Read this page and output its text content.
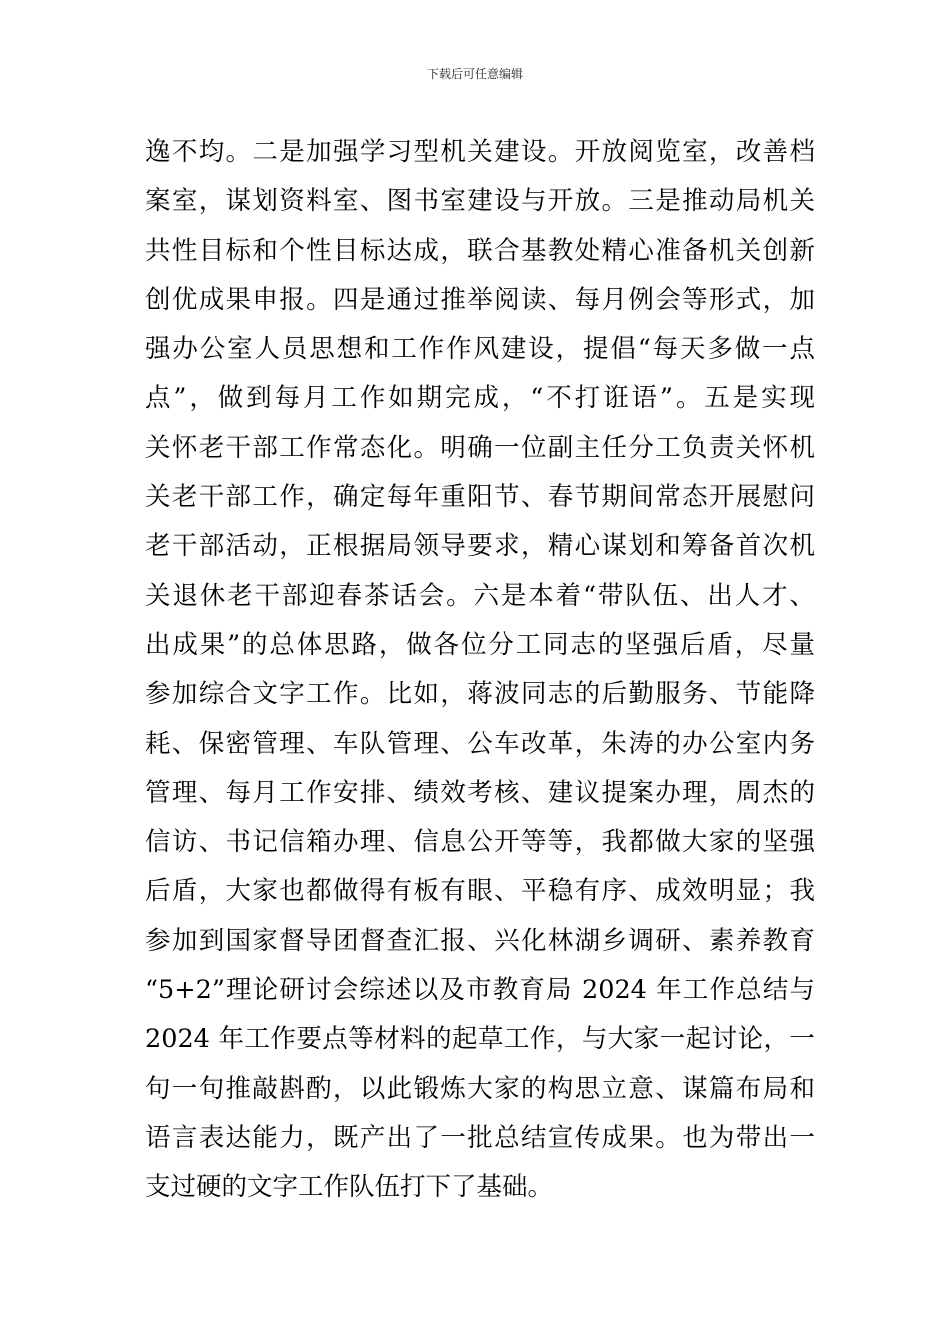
下载后可任意编辑
逸不均。二是加强学习型机关建设。开放阅览室，改善档
案室，谋划资料室、图书室建设与开放。三是推动局机关
共性目标和个性目标达成，联合基教处精心准备机关创新
创优成果申报。四是通过推举阅读、每月例会等形式，加
强办公室人员思想和工作作风建设，提倡“每天多做一点
点”，做到每月工作如期完成，“不打诳语”。五是实现
关怀老干部工作常态化。明确一位副主任分工负责关怀机
关老干部工作，确定每年重阳节、春节期间常态开展慰问
老干部活动，正根据局领导要求，精心谋划和筹备首次机
关退休老干部迎春茶话会。六是本着“带队伍、出人才、
出成果”的总体思路，做各位分工同志的坚强后盾，尽量
参加综合文字工作。比如，蒋波同志的后勤服务、节能降
耗、保密管理、车队管理、公车改革，朱涛的办公室内务
管理、每月工作安排、绩效考核、建议提案办理，周杰的
信访、书记信箱办理、信息公开等等，我都做大家的坚强
后盾，大家也都做得有板有眼、平稳有序、成效明显；我
参加到国家督导团督查汇报、兴化林湖乡调研、素养教育
“5+2”理论研讨会综述以及市教育局 2024 年工作总结与
2024 年工作要点等材料的起草工作，与大家一起讨论，一
句一句推敲斟酌，以此锻炼大家的构思立意、谋篇布局和
语言表达能力，既产出了一批总结宣传成果。也为带出一
支过硬的文字工作队伍打下了基础。
